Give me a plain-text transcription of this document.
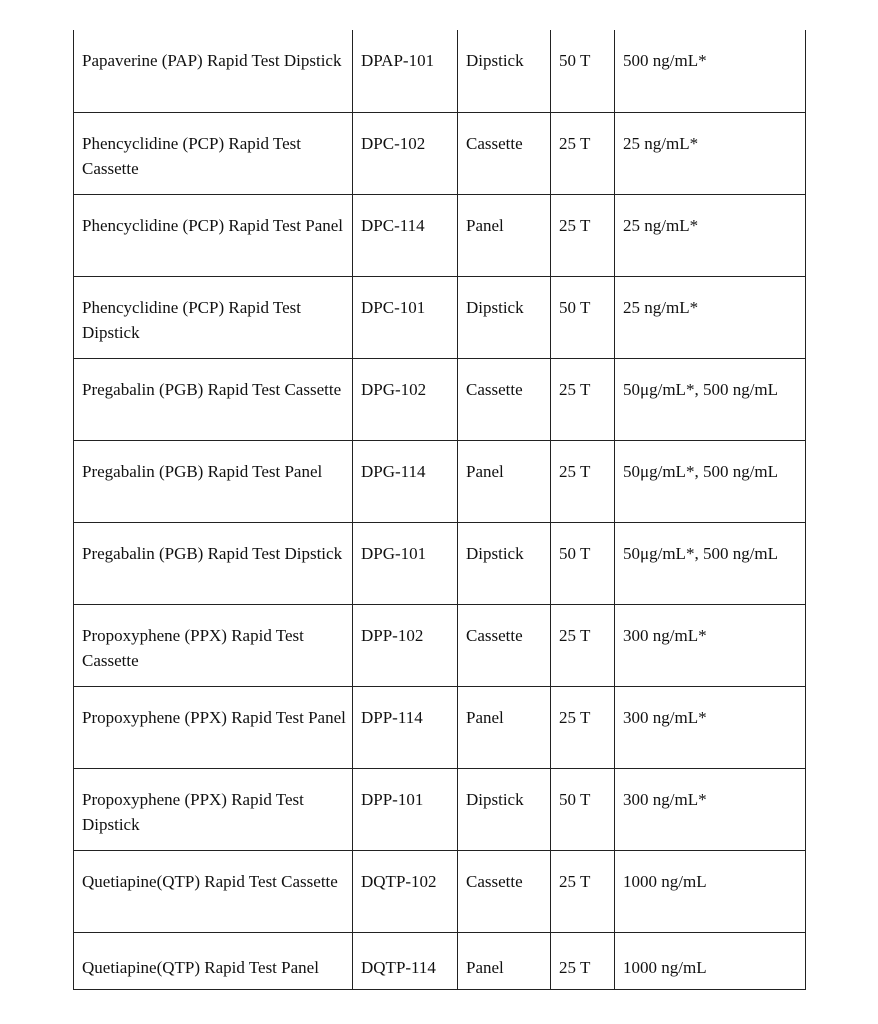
Papaverine (PAP) Rapid Test Dipstick	DPAP-101	Dipstick	50 T	500 ng/mL*
Phencyclidine (PCP) Rapid Test Cassette	DPC-102	Cassette	25 T	25 ng/mL*
Phencyclidine (PCP) Rapid Test Panel	DPC-114	Panel	25 T	25 ng/mL*
Phencyclidine (PCP) Rapid Test Dipstick	DPC-101	Dipstick	50 T	25 ng/mL*
Pregabalin (PGB) Rapid Test Cassette	DPG-102	Cassette	25 T	50μg/mL*, 500 ng/mL
Pregabalin (PGB) Rapid Test Panel	DPG-114	Panel	25 T	50μg/mL*, 500 ng/mL
Pregabalin (PGB) Rapid Test Dipstick	DPG-101	Dipstick	50 T	50μg/mL*, 500 ng/mL
Propoxyphene (PPX) Rapid Test Cassette	DPP-102	Cassette	25 T	300 ng/mL*
Propoxyphene (PPX) Rapid Test Panel	DPP-114	Panel	25 T	300 ng/mL*
Propoxyphene (PPX) Rapid Test Dipstick	DPP-101	Dipstick	50 T	300 ng/mL*
Quetiapine(QTP) Rapid Test Cassette	DQTP-102	Cassette	25 T	1000 ng/mL
Quetiapine(QTP) Rapid Test Panel	DQTP-114	Panel	25 T	1000 ng/mL
